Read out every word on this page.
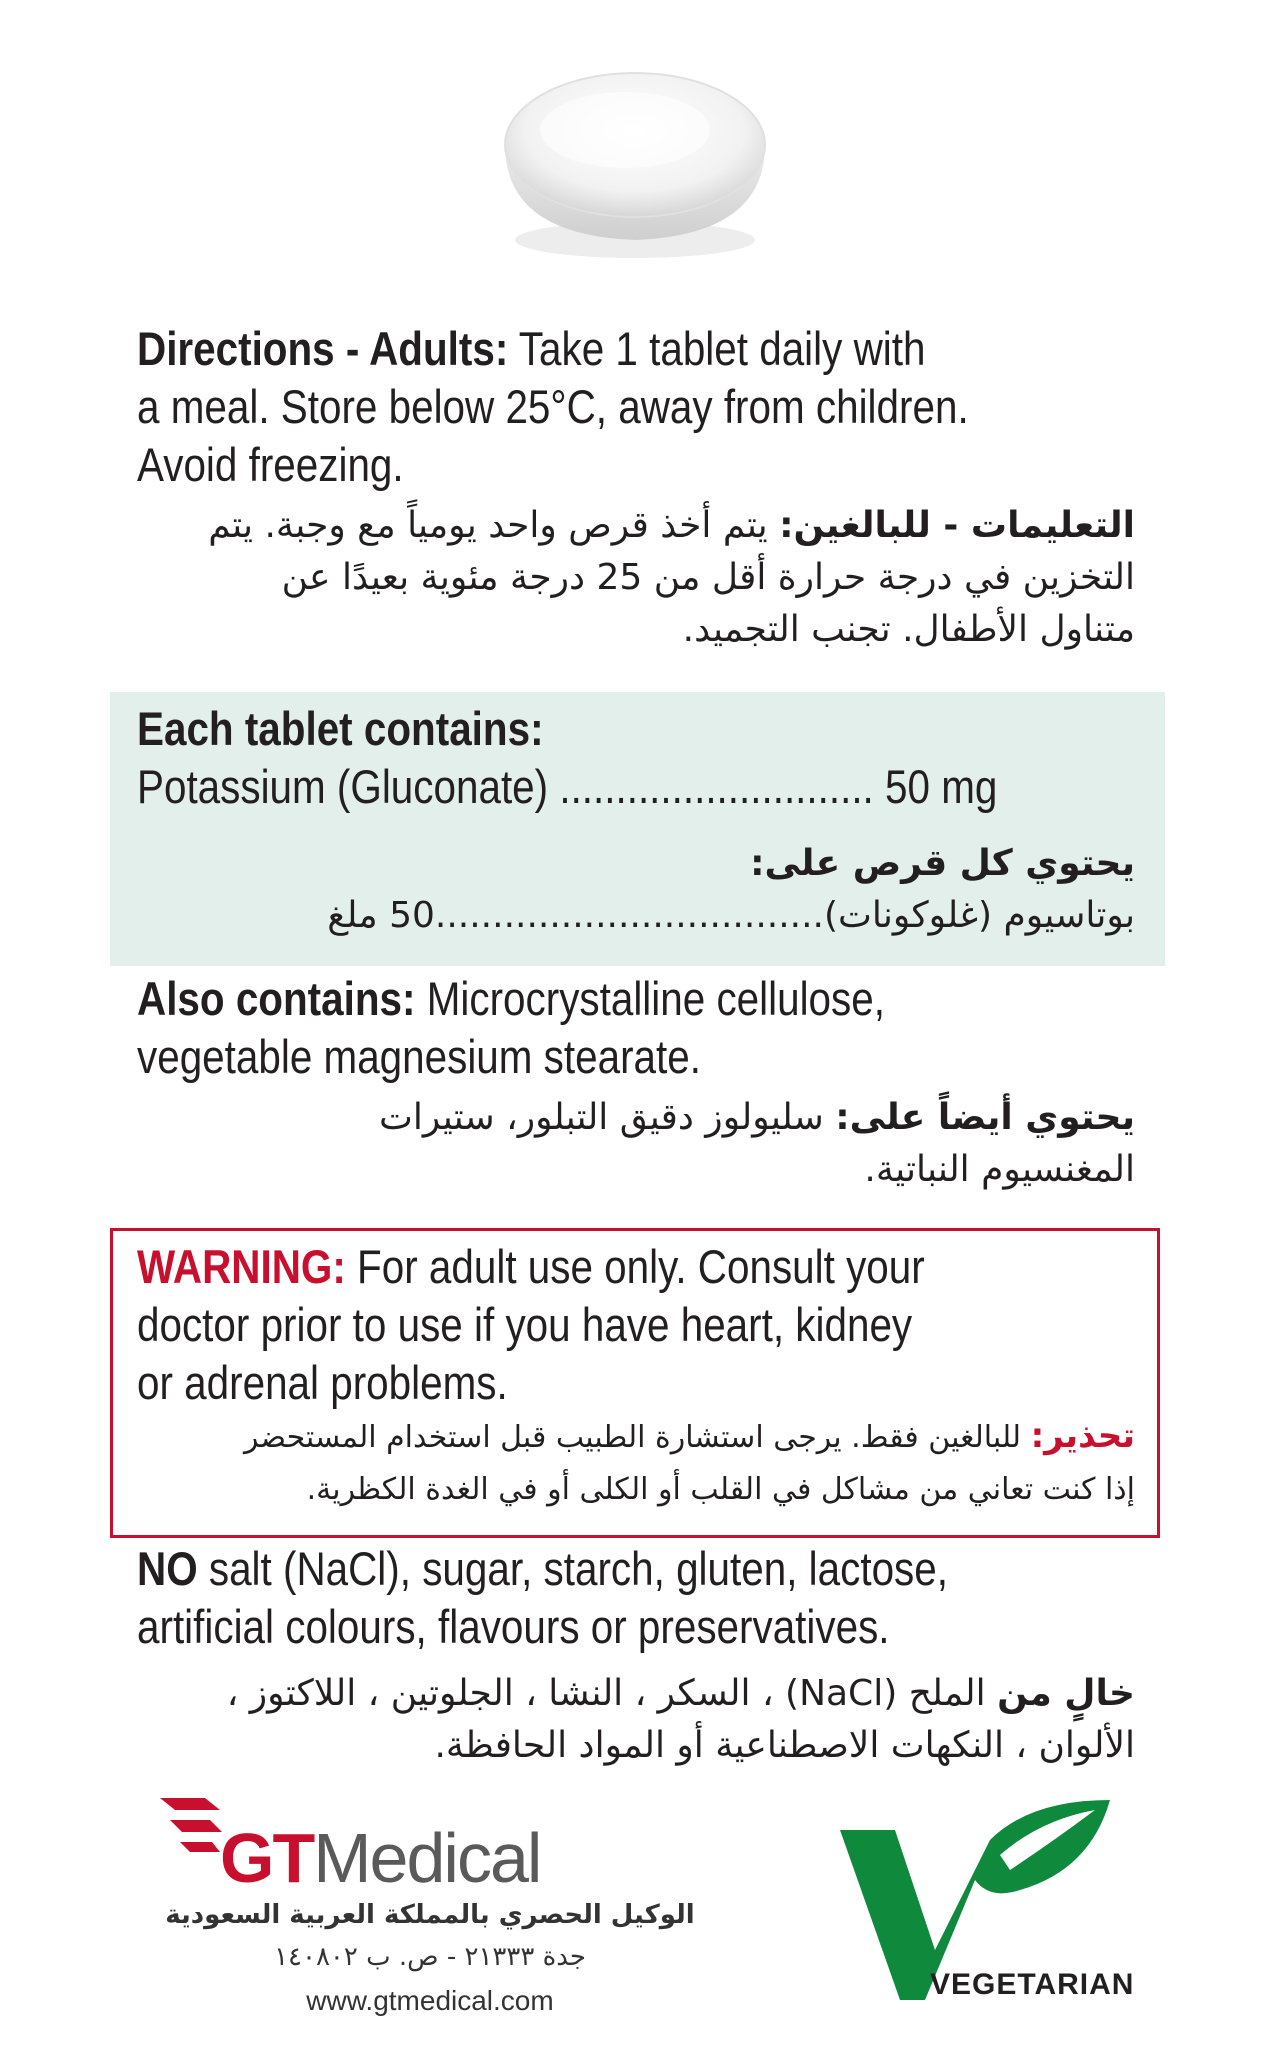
Directions - Adults: Take 1 tablet daily with
a meal. Store below 25°C, away from children.
Avoid freezing.
التعليمات - للبالغين: يتم أخذ قرص واحد يومياً مع وجبة. يتم
التخزين في درجة حرارة أقل من 25 درجة مئوية بعيدًا عن
متناول الأطفال. تجنب التجميد.
Each tablet contains:
Potassium (Gluconate) ............................ 50 mg
يحتوي كل قرص على:
بوتاسيوم (غلوكونات)..................................50 ملغ
Also contains: Microcrystalline cellulose,
vegetable magnesium stearate.
يحتوي أيضاً على: سليولوز دقيق التبلور، ستيرات
المغنسيوم النباتية.
WARNING: For adult use only. Consult your
doctor prior to use if you have heart, kidney
or adrenal problems.
تحذير: للبالغين فقط. يرجى استشارة الطبيب قبل استخدام المستحضر
إذا كنت تعاني من مشاكل في القلب أو الكلى أو في الغدة الكظرية.
NO salt (NaCl), sugar, starch, gluten, lactose,
artificial colours, flavours or preservatives.
خالٍ من الملح (NaCl) ، السكر ، النشا ، الجلوتين ، اللاكتوز ،
الألوان ، النكهات الاصطناعية أو المواد الحافظة.
GTMedical
الوكيل الحصري بالمملكة العربية السعودية
جدة ٢١٣٣٣ - ص. ب ١٤٠٨٠٢
www.gtmedical.com	VEGETARIAN
